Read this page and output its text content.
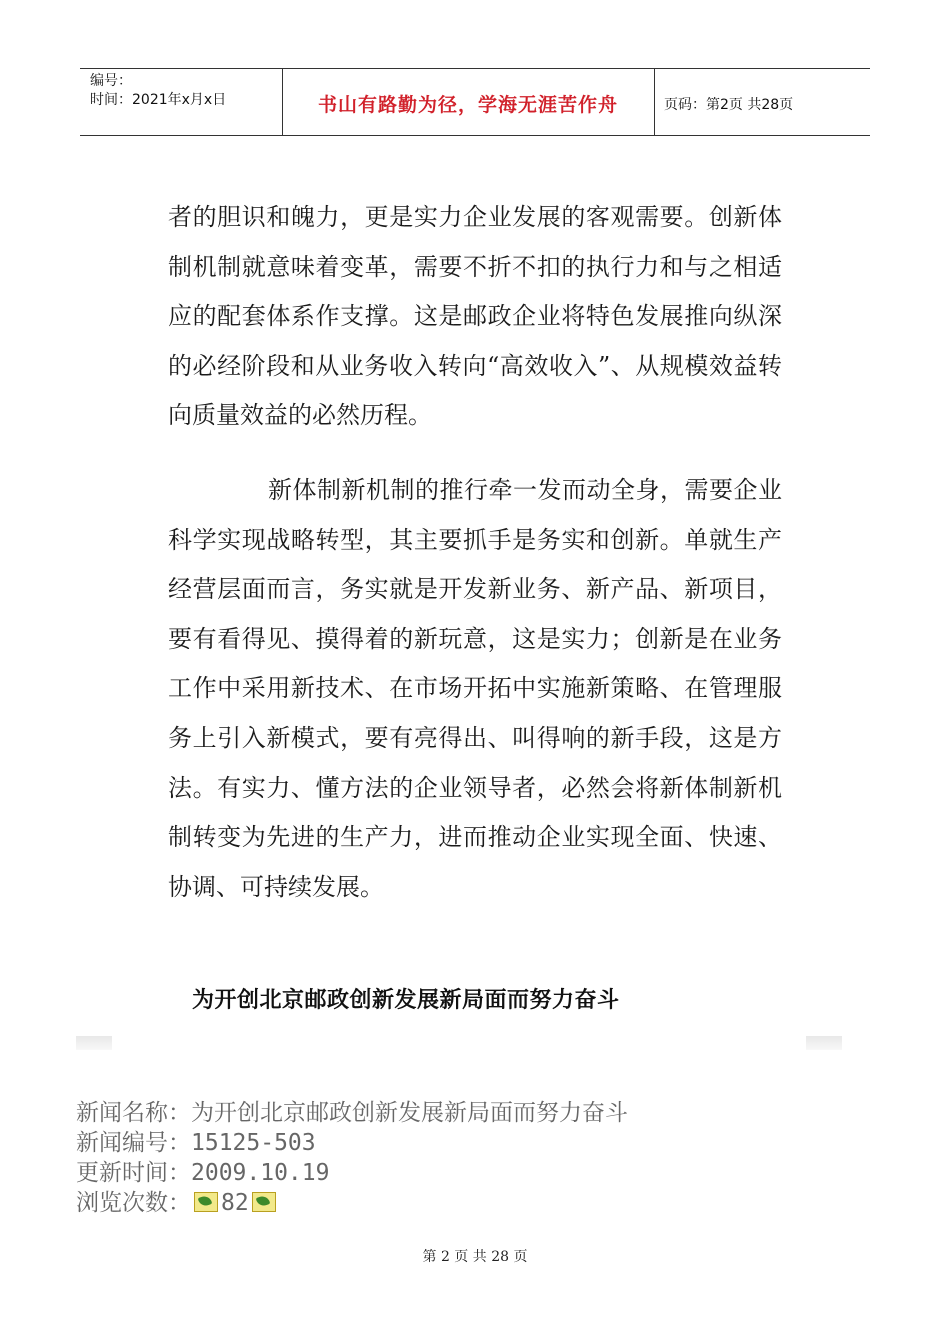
编号：
时间：2021年x月x日	书山有路勤为径，学海无涯苦作舟	页码：第2页 共28页
者的胆识和魄力，更是实力企业发展的客观需要。创新体制机制就意味着变革，需要不折不扣的执行力和与之相适应的配套体系作支撑。这是邮政企业将特色发展推向纵深的必经阶段和从业务收入转向“高效收入”、从规模效益转向质量效益的必然历程。
新体制新机制的推行牵一发而动全身，需要企业科学实现战略转型，其主要抓手是务实和创新。单就生产经营层面而言，务实就是开发新业务、新产品、新项目，要有看得见、摸得着的新玩意，这是实力；创新是在业务工作中采用新技术、在市场开拓中实施新策略、在管理服务上引入新模式，要有亮得出、叫得响的新手段，这是方法。有实力、懂方法的企业领导者，必然会将新体制新机制转变为先进的生产力，进而推动企业实现全面、快速、协调、可持续发展。
为开创北京邮政创新发展新局面而努力奋斗
新闻名称：为开创北京邮政创新发展新局面而努力奋斗
新闻编号：15125-503
更新时间：2009.10.19
浏览次数： 82
第 2 页 共 28 页
